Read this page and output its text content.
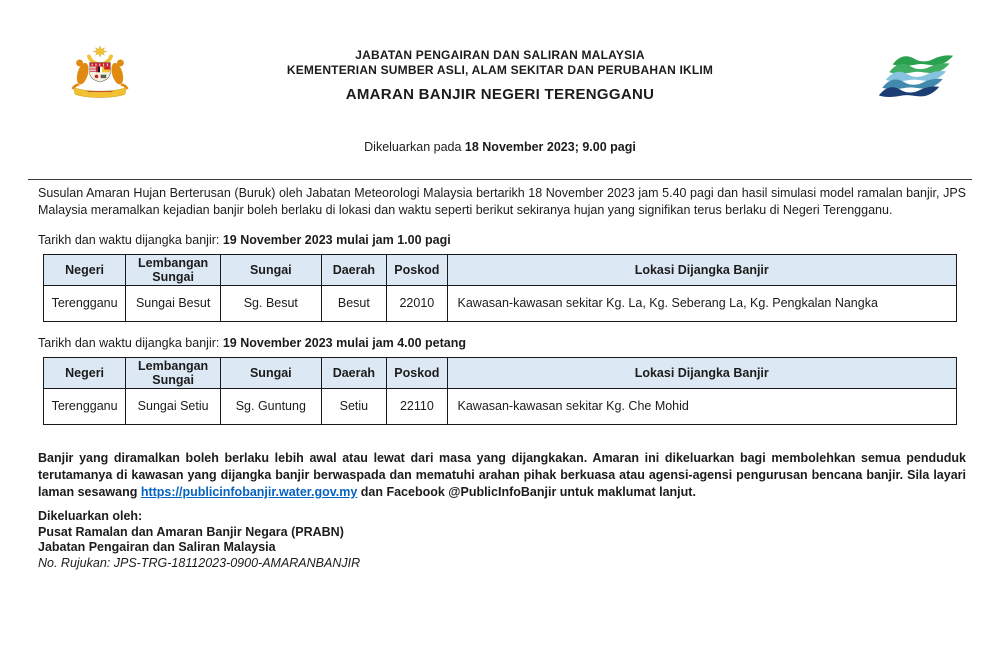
JABATAN PENGAIRAN DAN SALIRAN MALAYSIA
KEMENTERIAN SUMBER ASLI, ALAM SEKITAR DAN PERUBAHAN IKLIM
AMARAN BANJIR NEGERI TERENGGANU
Dikeluarkan pada 18 November 2023; 9.00 pagi

Susulan Amaran Hujan Berterusan (Buruk) oleh Jabatan Meteorologi Malaysia bertarikh 18 November 2023 jam 5.40 pagi dan hasil simulasi model ramalan banjir, JPS Malaysia meramalkan kejadian banjir boleh berlaku di lokasi dan waktu seperti berikut sekiranya hujan yang signifikan terus berlaku di Negeri Terengganu.

Tarikh dan waktu dijangka banjir: 19 November 2023 mulai jam 1.00 pagi
Negeri	Lembangan Sungai	Sungai	Daerah	Poskod	Lokasi Dijangka Banjir
Terengganu	Sungai Besut	Sg. Besut	Besut	22010	Kawasan-kawasan sekitar Kg. La, Kg. Seberang La, Kg. Pengkalan Nangka
Tarikh dan waktu dijangka banjir: 19 November 2023 mulai jam 4.00 petang
Negeri	Lembangan Sungai	Sungai	Daerah	Poskod	Lokasi Dijangka Banjir
Terengganu	Sungai Setiu	Sg. Guntung	Setiu	22110	Kawasan-kawasan sekitar Kg. Che Mohid

Banjir yang diramalkan boleh berlaku lebih awal atau lewat dari masa yang dijangkakan. Amaran ini dikeluarkan bagi membolehkan semua penduduk terutamanya di kawasan yang dijangka banjir berwaspada dan mematuhi arahan pihak berkuasa atau agensi-agensi pengurusan bencana banjir. Sila layari laman sesawang https://publicinfobanjir.water.gov.my dan Facebook @PublicInfoBanjir untuk maklumat lanjut.

Dikeluarkan oleh:
Pusat Ramalan dan Amaran Banjir Negara (PRABN)
Jabatan Pengairan dan Saliran Malaysia
No. Rujukan: JPS-TRG-18112023-0900-AMARANBANJIR
